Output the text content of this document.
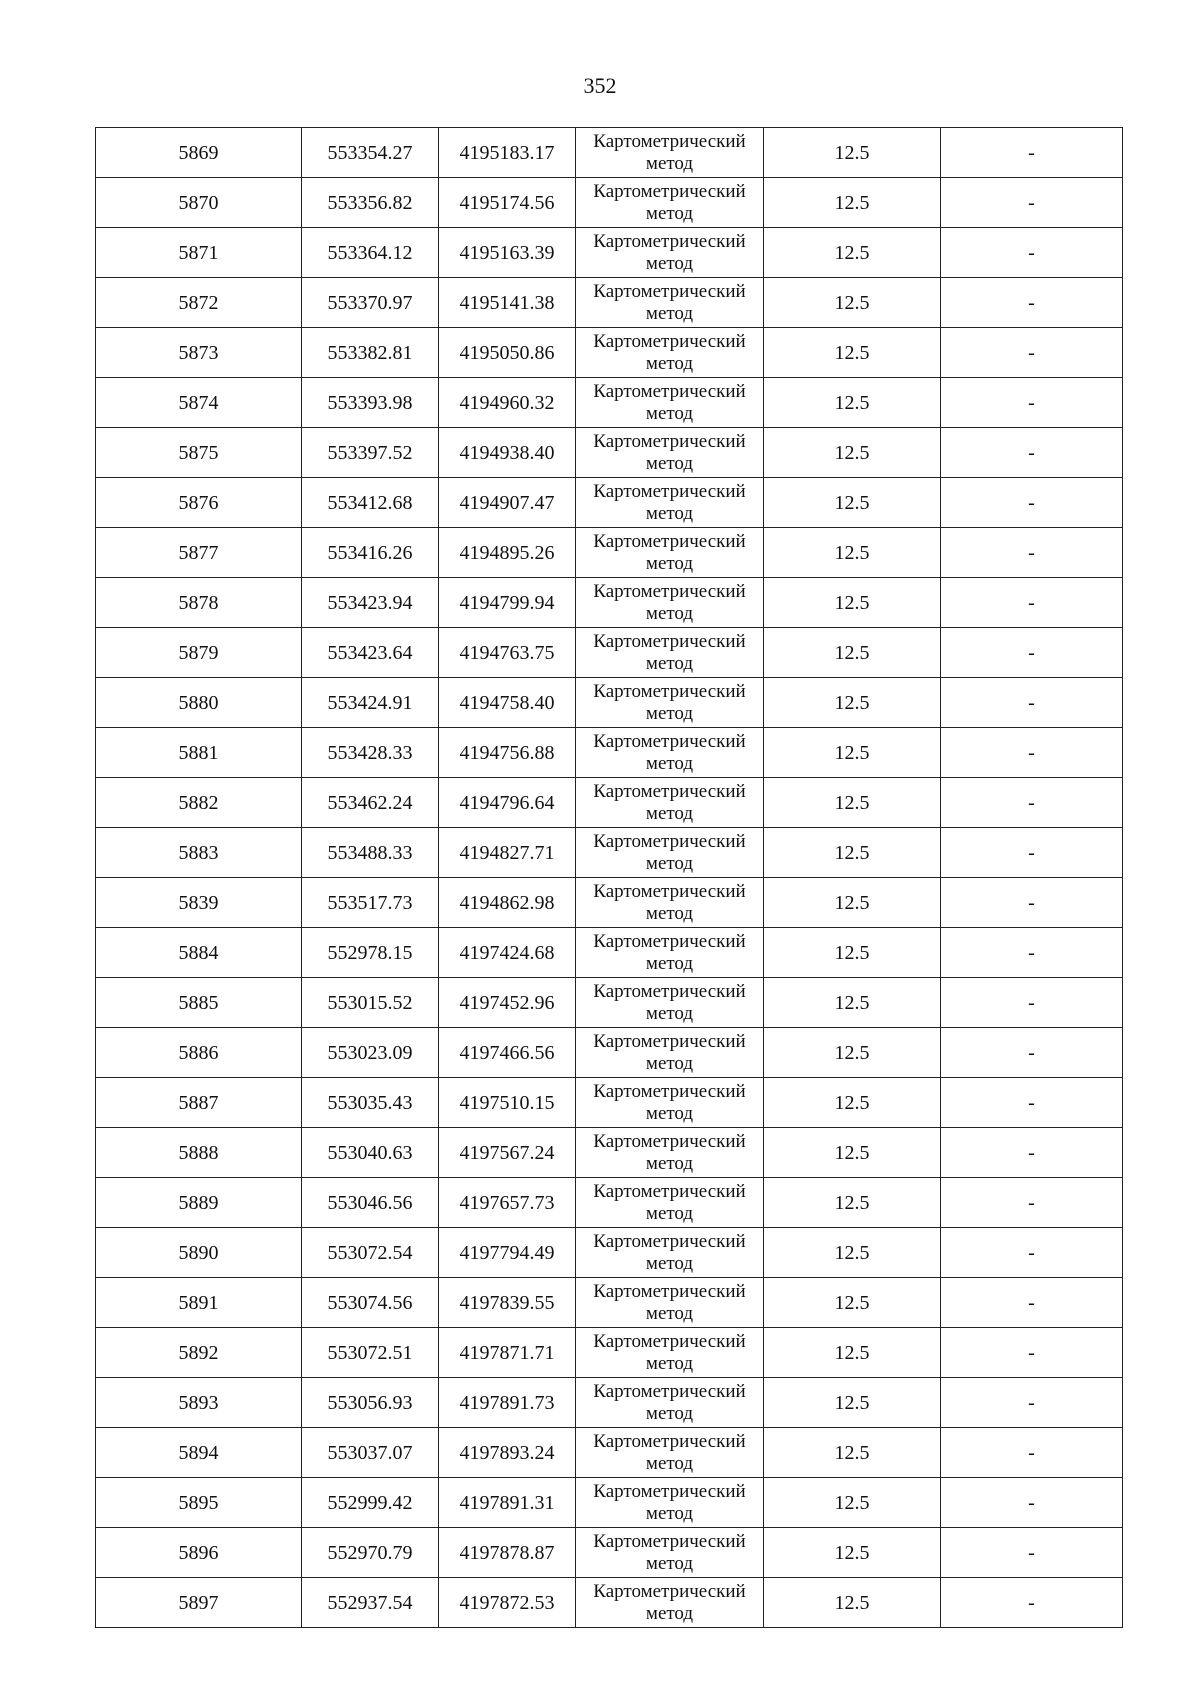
352
5869	553354.27	4195183.17	Картометрический метод	12.5	-
5870	553356.82	4195174.56	Картометрический метод	12.5	-
5871	553364.12	4195163.39	Картометрический метод	12.5	-
5872	553370.97	4195141.38	Картометрический метод	12.5	-
5873	553382.81	4195050.86	Картометрический метод	12.5	-
5874	553393.98	4194960.32	Картометрический метод	12.5	-
5875	553397.52	4194938.40	Картометрический метод	12.5	-
5876	553412.68	4194907.47	Картометрический метод	12.5	-
5877	553416.26	4194895.26	Картометрический метод	12.5	-
5878	553423.94	4194799.94	Картометрический метод	12.5	-
5879	553423.64	4194763.75	Картометрический метод	12.5	-
5880	553424.91	4194758.40	Картометрический метод	12.5	-
5881	553428.33	4194756.88	Картометрический метод	12.5	-
5882	553462.24	4194796.64	Картометрический метод	12.5	-
5883	553488.33	4194827.71	Картометрический метод	12.5	-
5839	553517.73	4194862.98	Картометрический метод	12.5	-
5884	552978.15	4197424.68	Картометрический метод	12.5	-
5885	553015.52	4197452.96	Картометрический метод	12.5	-
5886	553023.09	4197466.56	Картометрический метод	12.5	-
5887	553035.43	4197510.15	Картометрический метод	12.5	-
5888	553040.63	4197567.24	Картометрический метод	12.5	-
5889	553046.56	4197657.73	Картометрический метод	12.5	-
5890	553072.54	4197794.49	Картометрический метод	12.5	-
5891	553074.56	4197839.55	Картометрический метод	12.5	-
5892	553072.51	4197871.71	Картометрический метод	12.5	-
5893	553056.93	4197891.73	Картометрический метод	12.5	-
5894	553037.07	4197893.24	Картометрический метод	12.5	-
5895	552999.42	4197891.31	Картометрический метод	12.5	-
5896	552970.79	4197878.87	Картометрический метод	12.5	-
5897	552937.54	4197872.53	Картометрический метод	12.5	-
